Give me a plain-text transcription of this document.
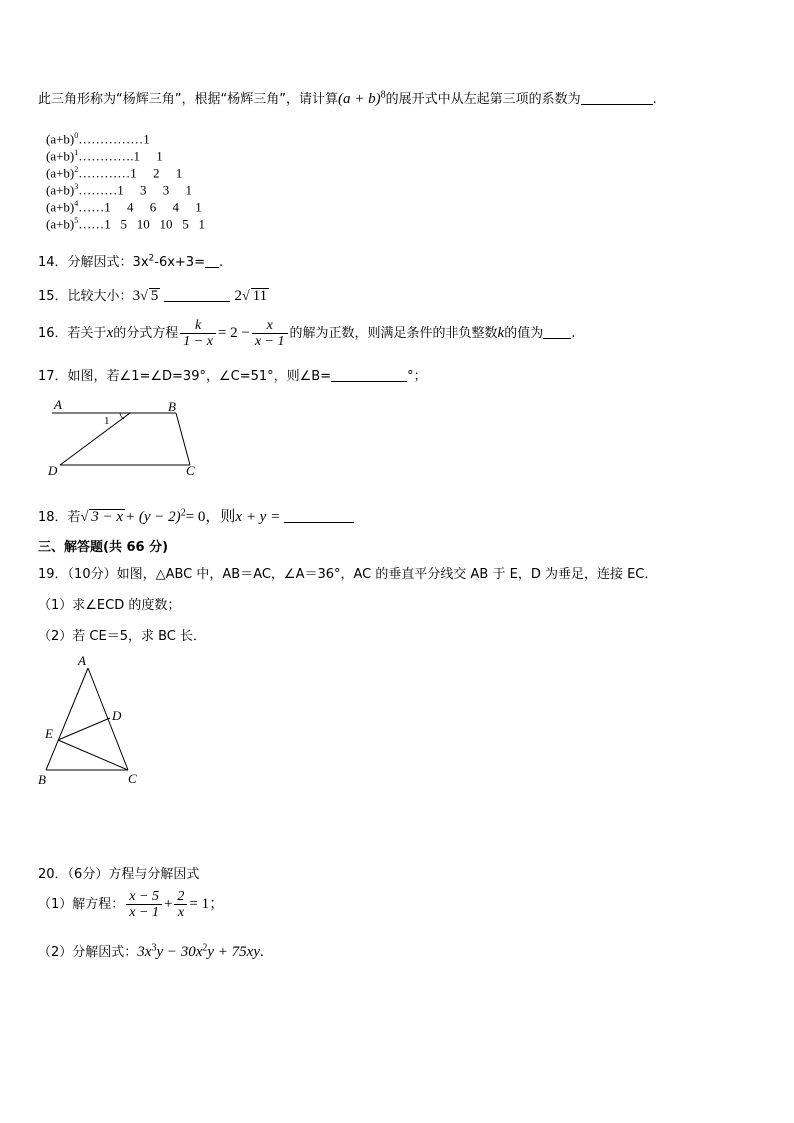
此三角形称为“杨辉三角”，根据“杨辉三角”，请计算$(a + b)^8$的展开式中从左起第三项的系数为	.
$(a+b)^0\dots\dots\dots\dots\dots 1$
$(a+b)^1\dots\dots\dots\dots.1$     1
$(a+b)^2\dots\dots\dots\dots 1$     2     1
$(a+b)^3\dots\dots\dots 1$     3     3     1
$(a+b)^4\dots\dots 1$     4     6     4     1
$(a+b)^5\dots\dots 1$   5   10   10   5   1
14．分解因式：$3x^2-6x+3=$ .
15．比较大小：3√ 5	2√ 11
16．若关于x的分式方程 $\frac{k}{1 - x} = 2 - \frac{x}{x - 1}$ 的解为正数，则满足条件的非负整数k的值为 .
17．如图，若∠1=∠D=39°，∠C=51°，则∠B=	°；
A	B
C
D
1
18．若√ $3 - x + (y - 2)^2= 0$，则x + y =
三、解答题(共 66 分)
19．（10分）如图，△ABC 中，AB＝AC，∠A＝36°，AC 的垂直平分线交 AB 于 E，D 为垂足，连接 EC．
（1）求∠ECD 的度数；
（2）若 CE＝5，求 BC 长．
A
B	C
D
E
20．（6分）方程与分解因式
（1）解方程： $\frac{x - 5}{x - 1} + \frac{2}{x} = 1$；
（2）分解因式：$3x^3y - 30x^2y + 75xy$.
